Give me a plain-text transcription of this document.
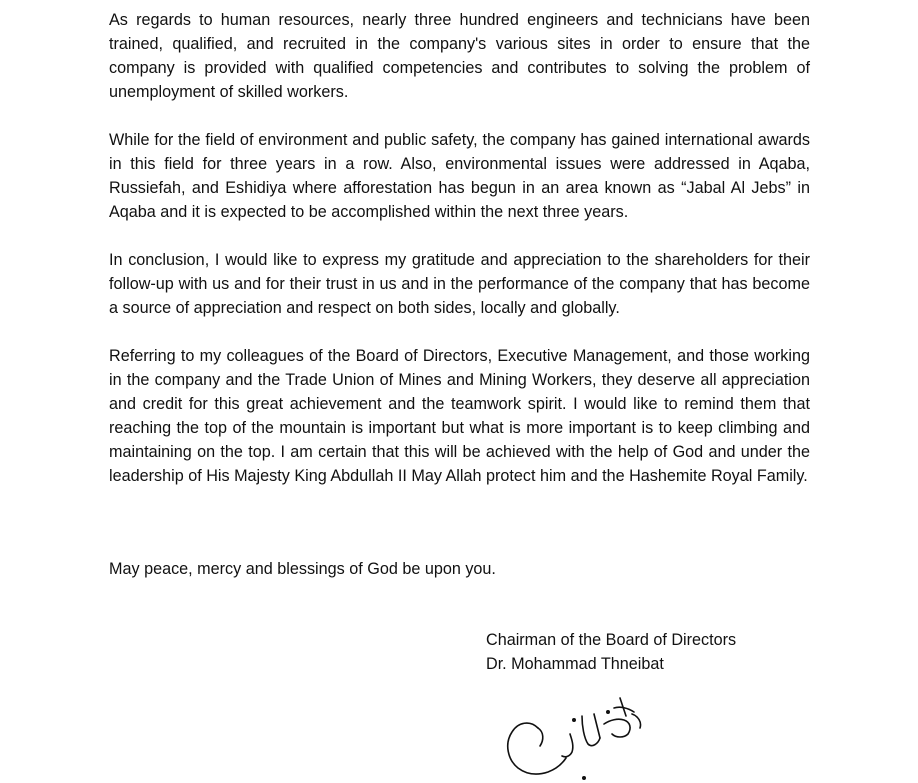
As regards to human resources, nearly three hundred engineers and technicians have been trained, qualified, and recruited in the company's various sites in order to ensure that the company is provided with qualified competencies and contributes to solving the problem of unemployment of skilled workers.

While for the field of environment and public safety, the company has gained international awards in this field for three years in a row. Also, environmental issues were addressed in Aqaba, Russiefah, and Eshidiya where afforestation has begun in an area known as “Jabal Al Jebs” in Aqaba and it is expected to be accomplished within the next three years.

In conclusion, I would like to express my gratitude and appreciation to the shareholders for their follow-up with us and for their trust in us and in the performance of the company that has become a source of appreciation and respect on both sides, locally and globally.

Referring to my colleagues of the Board of Directors, Executive Management, and those working in the company and the Trade Union of Mines and Mining Workers, they deserve all appreciation and credit for this great achievement and the teamwork spirit. I would like to remind them that reaching the top of the mountain is important but what is more important is to keep climbing and maintaining on the top. I am certain that this will be achieved with the help of God and under the leadership of His Majesty King Abdullah II May Allah protect him and the Hashemite Royal Family.

May peace, mercy and blessings of God be upon you.

Chairman of the Board of Directors
Dr. Mohammad Thneibat
